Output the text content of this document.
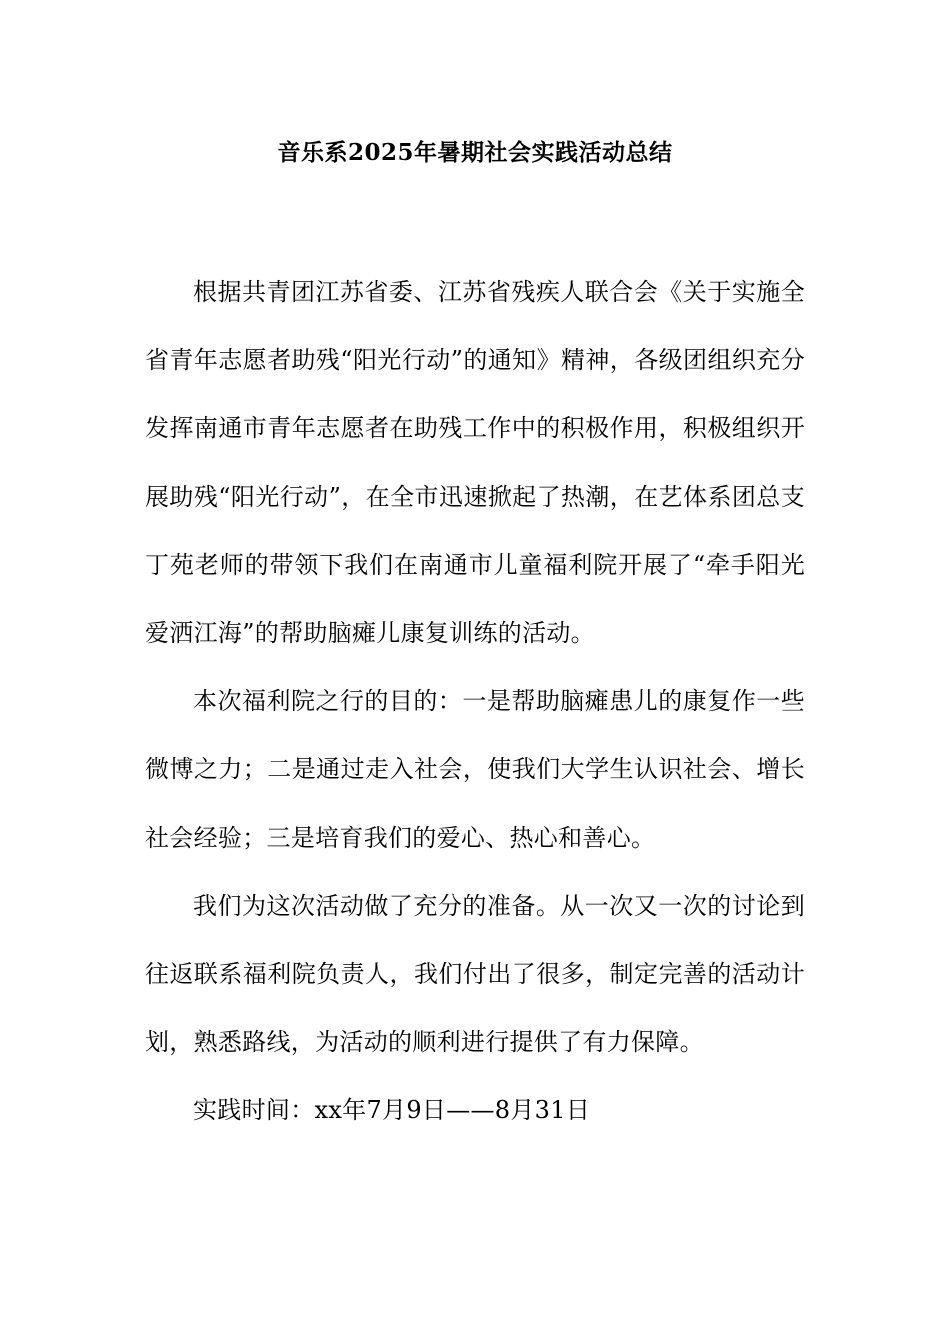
音乐系2025年暑期社会实践活动总结

根据共青团江苏省委、江苏省残疾人联合会《关于实施全省青年志愿者助残“阳光行动”的通知》精神，各级团组织充分发挥南通市青年志愿者在助残工作中的积极作用，积极组织开展助残“阳光行动”，在全市迅速掀起了热潮，在艺体系团总支丁苑老师的带领下我们在南通市儿童福利院开展了“牵手阳光 爱洒江海”的帮助脑瘫儿康复训练的活动。

本次福利院之行的目的：一是帮助脑瘫患儿的康复作一些微博之力；二是通过走入社会，使我们大学生认识社会、增长社会经验；三是培育我们的爱心、热心和善心。

我们为这次活动做了充分的准备。从一次又一次的讨论到往返联系福利院负责人，我们付出了很多，制定完善的活动计划，熟悉路线，为活动的顺利进行提供了有力保障。

实践时间：xx年7月9日——8月31日
